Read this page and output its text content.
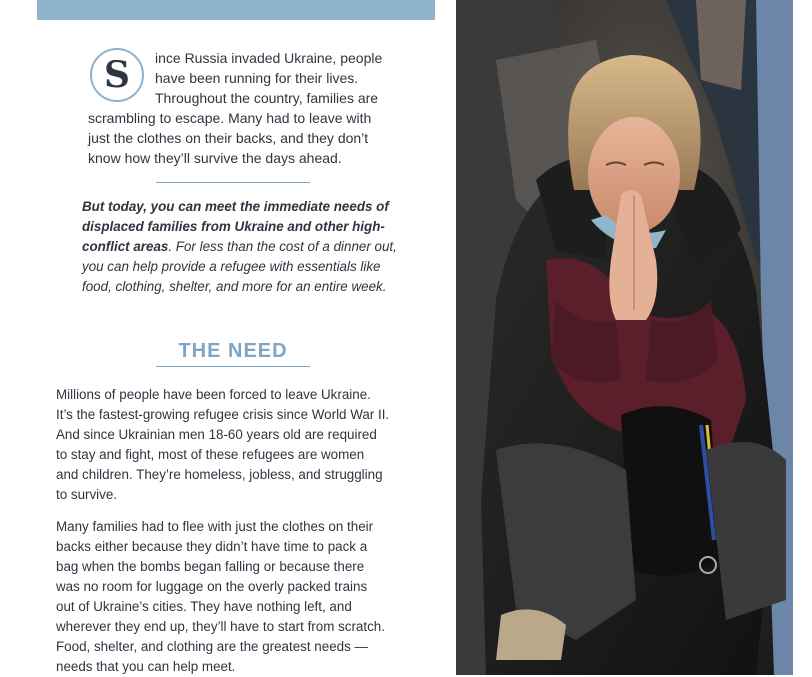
ince Russia invaded Ukraine, people
have been running for their lives.
Throughout the country, families are
scrambling to escape. Many had to leave with
just the clothes on their backs, and they don’t
know how they’ll survive the days ahead.
S
But today, you can meet the immediate needs of
displaced families from Ukraine and other high-
conflict areas. For less than the cost of a dinner out,
you can help provide a refugee with essentials like
food, clothing, shelter, and more for an entire week.
THE NEED
Millions of people have been forced to leave Ukraine.
It’s the fastest-growing refugee crisis since World War II.
And since Ukrainian men 18-60 years old are required
to stay and fight, most of these refugees are women
and children. They’re homeless, jobless, and struggling
to survive.
Many families had to flee with just the clothes on their
backs either because they didn’t have time to pack a
bag when the bombs began falling or because there
was no room for luggage on the overly packed trains
out of Ukraine’s cities. They have nothing left, and
wherever they end up, they’ll have to start from scratch.
Food, shelter, and clothing are the greatest needs —
needs that you can help meet.
